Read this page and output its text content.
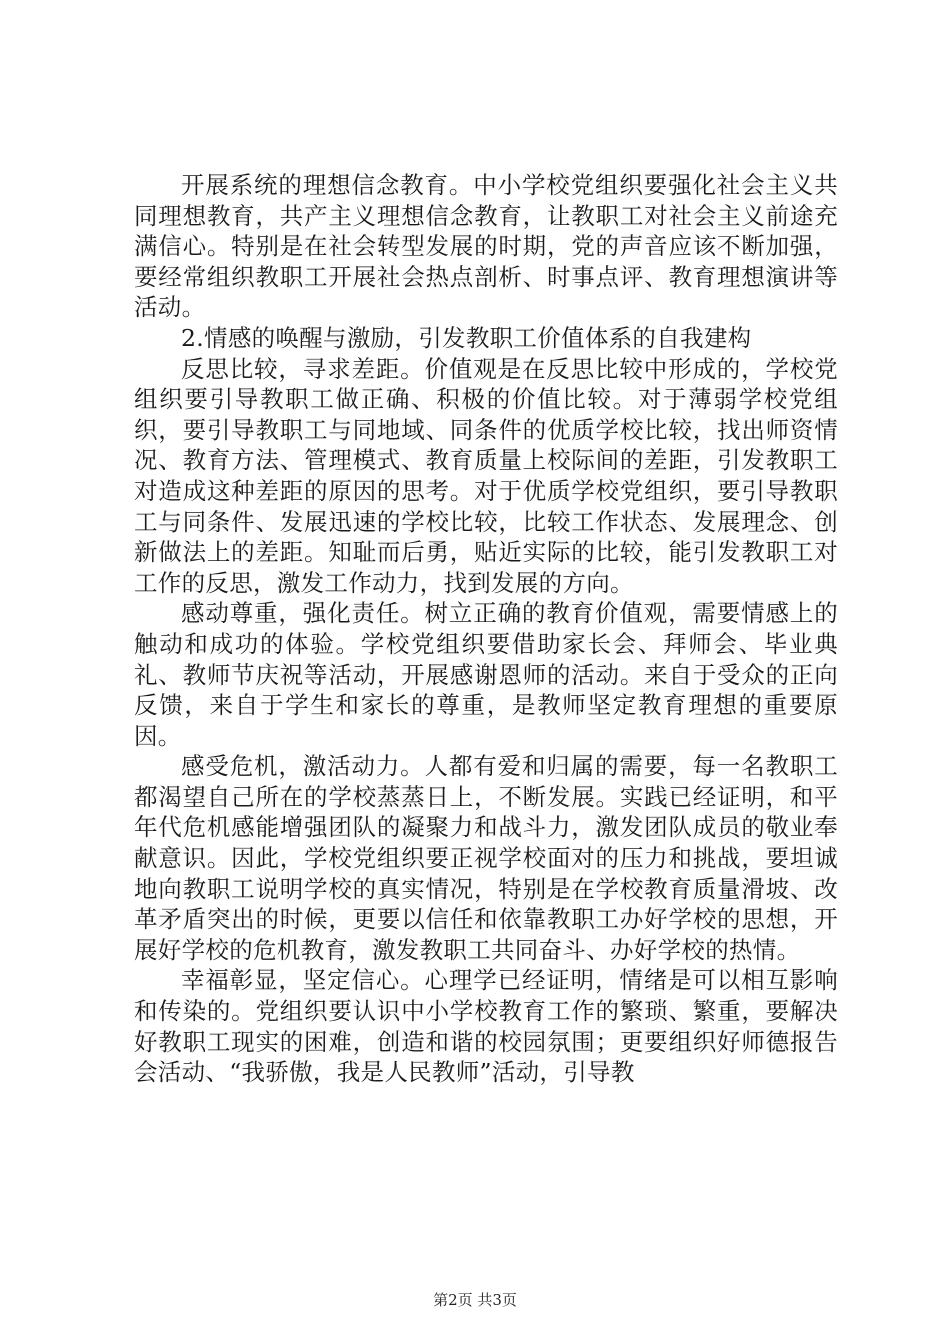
开展系统的理想信念教育。中小学校党组织要强化社会主义共同理想教育，共产主义理想信念教育，让教职工对社会主义前途充满信心。特别是在社会转型发展的时期，党的声音应该不断加强，要经常组织教职工开展社会热点剖析、时事点评、教育理想演讲等活动。

2.情感的唤醒与激励，引发教职工价值体系的自我建构

反思比较，寻求差距。价值观是在反思比较中形成的，学校党组织要引导教职工做正确、积极的价值比较。对于薄弱学校党组织，要引导教职工与同地域、同条件的优质学校比较，找出师资情况、教育方法、管理模式、教育质量上校际间的差距，引发教职工对造成这种差距的原因的思考。对于优质学校党组织，要引导教职工与同条件、发展迅速的学校比较，比较工作状态、发展理念、创新做法上的差距。知耻而后勇，贴近实际的比较，能引发教职工对工作的反思，激发工作动力，找到发展的方向。

感动尊重，强化责任。树立正确的教育价值观，需要情感上的触动和成功的体验。学校党组织要借助家长会、拜师会、毕业典礼、教师节庆祝等活动，开展感谢恩师的活动。来自于受众的正向反馈，来自于学生和家长的尊重，是教师坚定教育理想的重要原因。

感受危机，激活动力。人都有爱和归属的需要，每一名教职工都渴望自己所在的学校蒸蒸日上，不断发展。实践已经证明，和平年代危机感能增强团队的凝聚力和战斗力，激发团队成员的敬业奉献意识。因此，学校党组织要正视学校面对的压力和挑战，要坦诚地向教职工说明学校的真实情况，特别是在学校教育质量滑坡、改革矛盾突出的时候，更要以信任和依靠教职工办好学校的思想，开展好学校的危机教育，激发教职工共同奋斗、办好学校的热情。

幸福彰显，坚定信心。心理学已经证明，情绪是可以相互影响和传染的。党组织要认识中小学校教育工作的繁琐、繁重，要解决好教职工现实的困难，创造和谐的校园氛围；更要组织好师德报告会活动、“我骄傲，我是人民教师”活动，引导教

第2页 共3页
